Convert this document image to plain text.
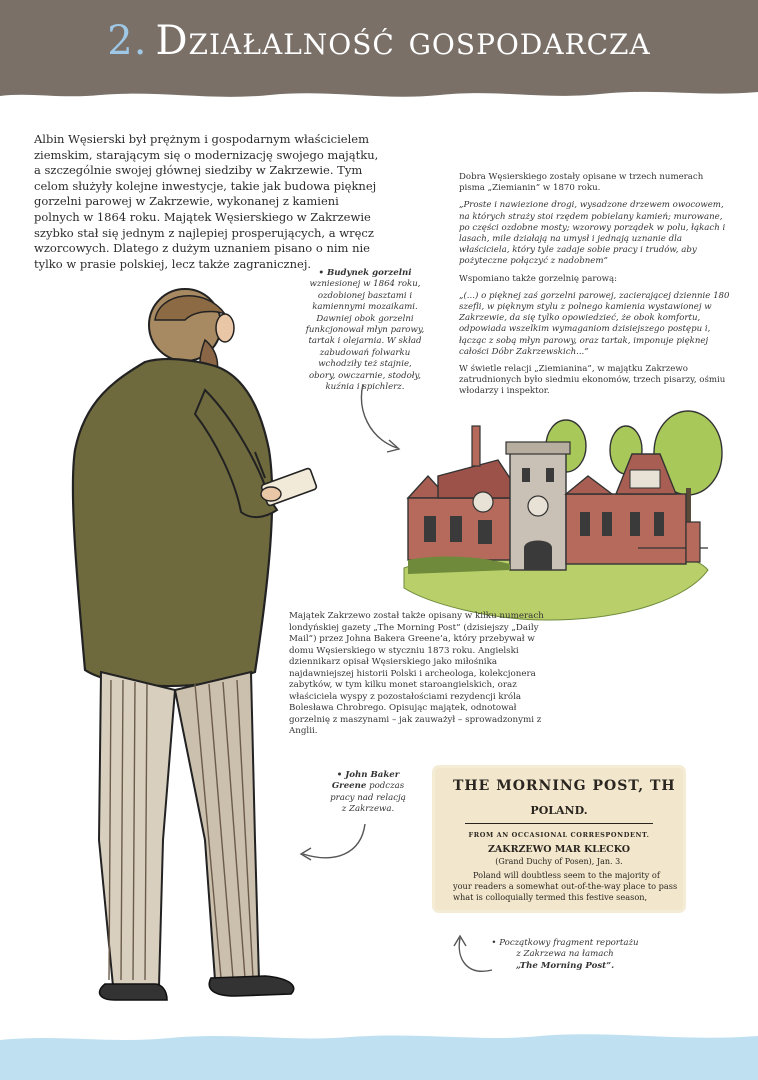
2. Działalność gospodarcza

Albin Węsierski był prężnym i gospodarnym właścicielem ziemskim, starającym się o modernizację swojego majątku, a szczególnie swojej głównej siedziby w Zakrzewie. Tym celom służyły kolejne inwestycje, takie jak budowa pięknej gorzelni parowej w Zakrzewie, wykonanej z kamieni polnych w 1864 roku. Majątek Węsierskiego w Zakrzewie szybko stał się jednym z najlepiej prosperujących, a wręcz wzorcowych. Dlatego z dużym uznaniem pisano o nim nie tylko w prasie polskiej, lecz także zagranicznej.

Dobra Węsierskiego zostały opisane w trzech numerach pisma „Ziemianin” w 1870 roku.

„Proste i nawiezione drogi, wysadzone drzewem owocowem, na których straży stoi rzędem pobielany kamień; murowane, po części ozdobne mosty; wzorowy porządek w polu, łąkach i lasach, mile działają na umysł i jednają uznanie dla właściciela, który tyle zadaje sobie pracy i trudów, aby pożyteczne połączyć z nadobnem”

Wspomiano także gorzelnię parową:

„(...) o pięknej zaś gorzelni parowej, zacierającej dziennie 180 szefli, w pięknym stylu z polnego kamienia wystawionej w Zakrzewie, da się tylko opowiedzieć, że obok komfortu, odpowiada wszelkim wymaganiom dzisiejszego postępu i, łącząc z sobą młyn parowy, oraz tartak, imponuje pięknej całości Dóbr Zakrzewskich...”

W świetle relacji „Ziemianina”, w majątku Zakrzewo zatrudnionych było siedmiu ekonomów, trzech pisarzy, ośmiu włodarzy i inspektor.

• Budynek gorzelni
wzniesionej w 1864 roku, ozdobionej basztami i kamiennymi mozaikami. Dawniej obok gorzelni funkcjonował młyn parowy, tartak i olejarnia. W skład zabudowań folwarku wchodziły też stajnie, obory, owczarnie, stodoły, kuźnia i spichlerz.

Majątek Zakrzewo został także opisany w kilku numerach londyńskiej gazety „The Morning Post” (dzisiejszy „Daily Mail”) przez Johna Bakera Greene’a, który przebywał w domu Węsierskiego w styczniu 1873 roku. Angielski dziennikarz opisał Węsierskiego jako miłośnika najdawniejszej historii Polski i archeologa, kolekcjonera zabytków, w tym kilku monet staroangielskich, oraz właściciela wyspy z pozostałościami rezydencji króla Bolesława Chrobrego. Opisując majątek, odnotował gorzelnię z maszynami – jak zauważył – sprowadzonymi z Anglii.

• John Baker Greene podczas pracy nad relacją z Zakrzewa.
THE MORNING POST, TH
POLAND.
FROM AN OCCASIONAL CORRESPONDENT.
ZAKRZEWO MAR KLECKO
(Grand Duchy of Posen), Jan. 3.
Poland will doubtless seem to the majority of your readers a somewhat out-of-the-way place to pass what is colloquially termed this festive season,
• Początkowy fragment reportażu z Zakrzewa na łamach
„The Morning Post”.
